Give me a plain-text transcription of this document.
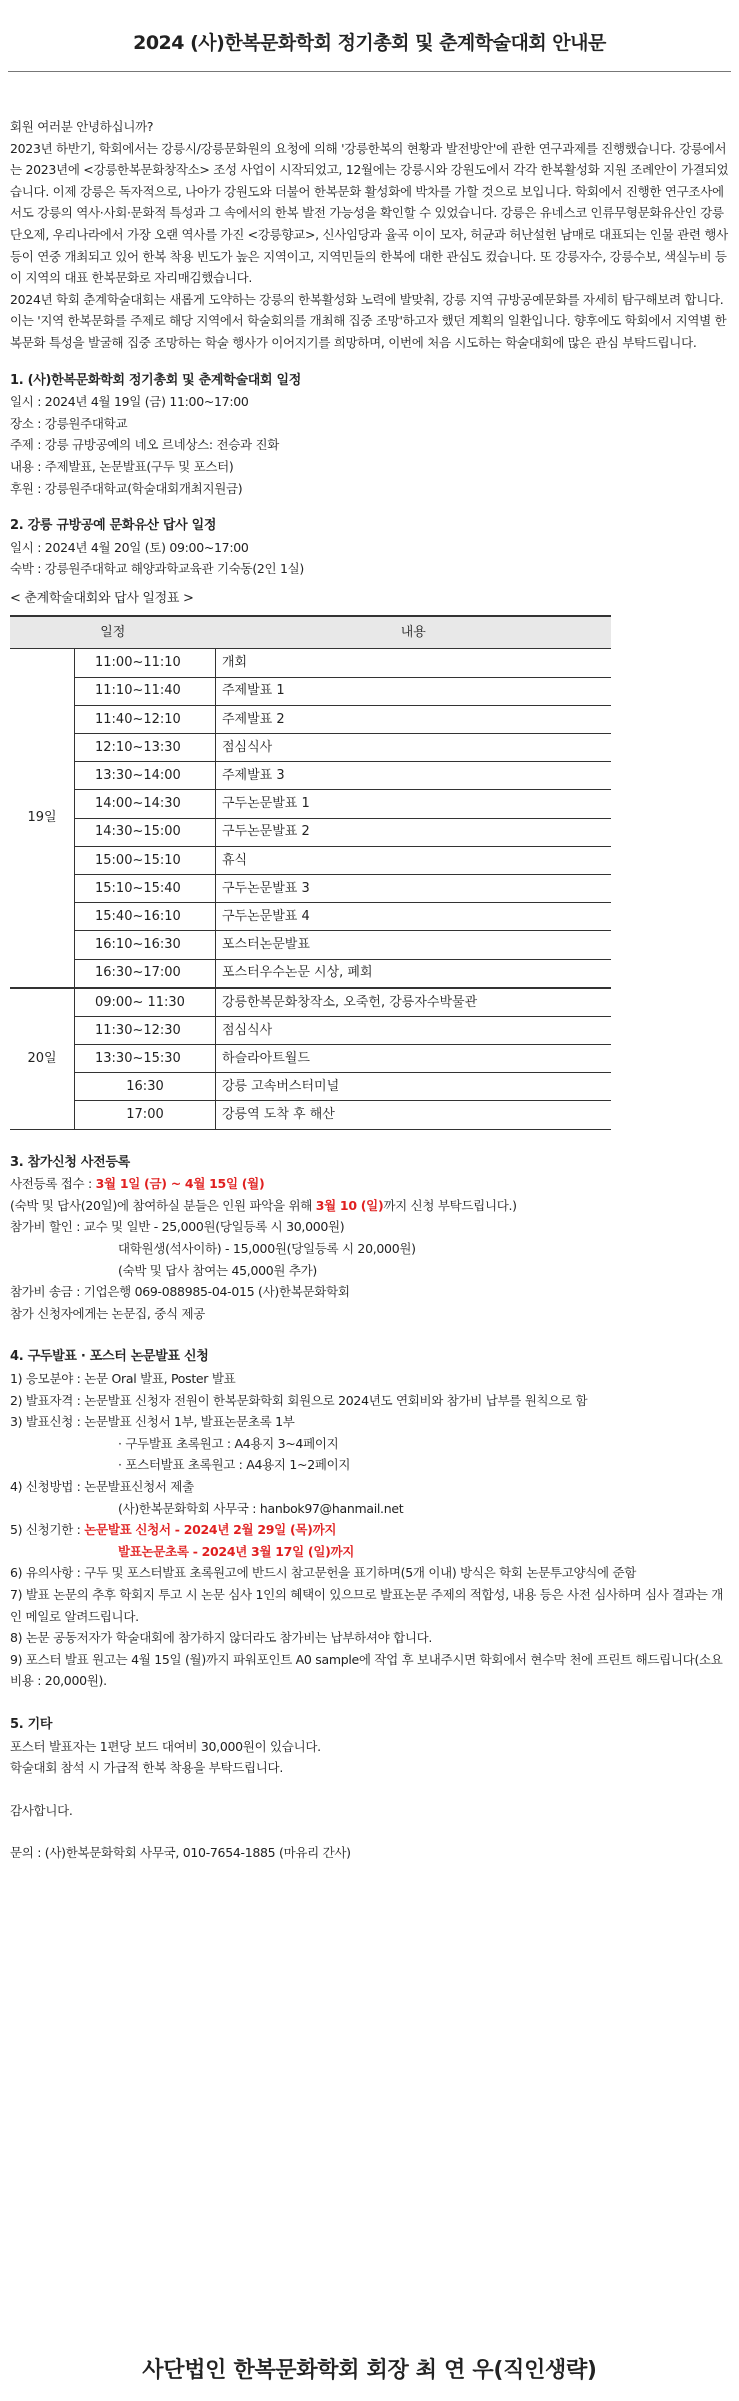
2024 (사)한복문화학회 정기총회 및 춘계학술대회 안내문

회원 여러분 안녕하십니까?

2023년 하반기, 학회에서는 강릉시/강릉문화원의 요청에 의해 '강릉한복의 현황과 발전방안'에 관한 연구과제를 진행했습니다. 강릉에서는 2023년에 <강릉한복문화창작소> 조성 사업이 시작되었고, 12월에는 강릉시와 강원도에서 각각 한복활성화 지원 조례안이 가결되었습니다. 이제 강릉은 독자적으로, 나아가 강원도와 더불어 한복문화 활성화에 박차를 가할 것으로 보입니다. 학회에서 진행한 연구조사에서도 강릉의 역사·사회·문화적 특성과 그 속에서의 한복 발전 가능성을 확인할 수 있었습니다. 강릉은 유네스코 인류무형문화유산인 강릉단오제, 우리나라에서 가장 오랜 역사를 가진 <강릉향교>, 신사임당과 율곡 이이 모자, 허균과 허난설헌 남매로 대표되는 인물 관련 행사 등이 연중 개최되고 있어 한복 착용 빈도가 높은 지역이고, 지역민들의 한복에 대한 관심도 컸습니다. 또 강릉자수, 강릉수보, 색실누비 등이 지역의 대표 한복문화로 자리매김했습니다.

2024년 학회 춘계학술대회는 새롭게 도약하는 강릉의 한복활성화 노력에 발맞춰, 강릉 지역 규방공예문화를 자세히 탐구해보려 합니다. 이는 '지역 한복문화를 주제로 해당 지역에서 학술회의를 개최해 집중 조망'하고자 했던 계획의 일환입니다. 향후에도 학회에서 지역별 한복문화 특성을 발굴해 집중 조망하는 학술 행사가 이어지기를 희망하며, 이번에 처음 시도하는 학술대회에 많은 관심 부탁드립니다.

1. (사)한복문화학회 정기총회 및 춘계학술대회 일정

일시 : 2024년 4월 19일 (금) 11:00~17:00

장소 : 강릉원주대학교

주제 : 강릉 규방공예의 네오 르네상스: 전승과 진화

내용 : 주제발표, 논문발표(구두 및 포스터)

후원 : 강릉원주대학교(학술대회개최지원금)

2. 강릉 규방공예 문화유산 답사 일정

일시 : 2024년 4월 20일 (토) 09:00~17:00

숙박 : 강릉원주대학교 해양과학교육관 기숙동(2인 1실)

< 춘계학술대회와 답사 일정표 >

일정		내용
19일	11:00~11:10	개회
	11:10~11:40	주제발표 1
	11:40~12:10	주제발표 2
	12:10~13:30	점심식사
	13:30~14:00	주제발표 3
	14:00~14:30	구두논문발표 1
	14:30~15:00	구두논문발표 2
	15:00~15:10	휴식
	15:10~15:40	구두논문발표 3
	15:40~16:10	구두논문발표 4
	16:10~16:30	포스터논문발표
	16:30~17:00	포스터우수논문 시상, 폐회
20일	09:00~ 11:30	강릉한복문화창작소, 오죽헌, 강릉자수박물관
	11:30~12:30	점심식사
	13:30~15:30	하슬라아트월드
	16:30	강릉 고속버스터미널
	17:00	강릉역 도착 후 해산

3. 참가신청 사전등록

사전등록 접수 : 3월 1일 (금) ~ 4월 15일 (월)

(숙박 및 답사(20일)에 참여하실 분들은 인원 파악을 위해 3월 10 (일)까지 신청 부탁드립니다.)

참가비 할인 : 교수 및 일반 - 25,000원(당일등록 시 30,000원)

대학원생(석사이하) - 15,000원(당일등록 시 20,000원)

(숙박 및 답사 참여는 45,000원 추가)

참가비 송금 : 기업은행 069-088985-04-015 (사)한복문화학회

참가 신청자에게는 논문집, 중식 제공

4. 구두발표 · 포스터 논문발표 신청

1) 응모분야 : 논문 Oral 발표, Poster 발표

2) 발표자격 : 논문발표 신청자 전원이 한복문화학회 회원으로 2024년도 연회비와 참가비 납부를 원칙으로 함

3) 발표신청 : 논문발표 신청서 1부, 발표논문초록 1부

· 구두발표 초록원고 : A4용지 3~4페이지

· 포스터발표 초록원고 : A4용지 1~2페이지

4) 신청방법 : 논문발표신청서 제출

(사)한복문화학회 사무국 : hanbok97@hanmail.net

5) 신청기한 : 논문발표 신청서 - 2024년 2월 29일 (목)까지

발표논문초록 - 2024년 3월 17일 (일)까지

6) 유의사항 : 구두 및 포스터발표 초록원고에 반드시 참고문헌을 표기하며(5개 이내) 방식은 학회 논문투고양식에 준함

7) 발표 논문의 추후 학회지 투고 시 논문 심사 1인의 혜택이 있으므로 발표논문 주제의 적합성, 내용 등은 사전 심사하며 심사 결과는 개인 메일로 알려드립니다.

8) 논문 공동저자가 학술대회에 참가하지 않더라도 참가비는 납부하셔야 합니다.

9) 포스터 발표 원고는 4월 15일 (월)까지 파워포인트 A0 sample에 작업 후 보내주시면 학회에서 현수막 천에 프린트 해드립니다(소요비용 : 20,000원).

5. 기타

포스터 발표자는 1편당 보드 대여비 30,000원이 있습니다.

학술대회 참석 시 가급적 한복 착용을 부탁드립니다.

감사합니다.

문의 : (사)한복문화학회 사무국, 010-7654-1885 (마유리 간사)

사단법인 한복문화학회 회장 최 연 우(직인생략)
